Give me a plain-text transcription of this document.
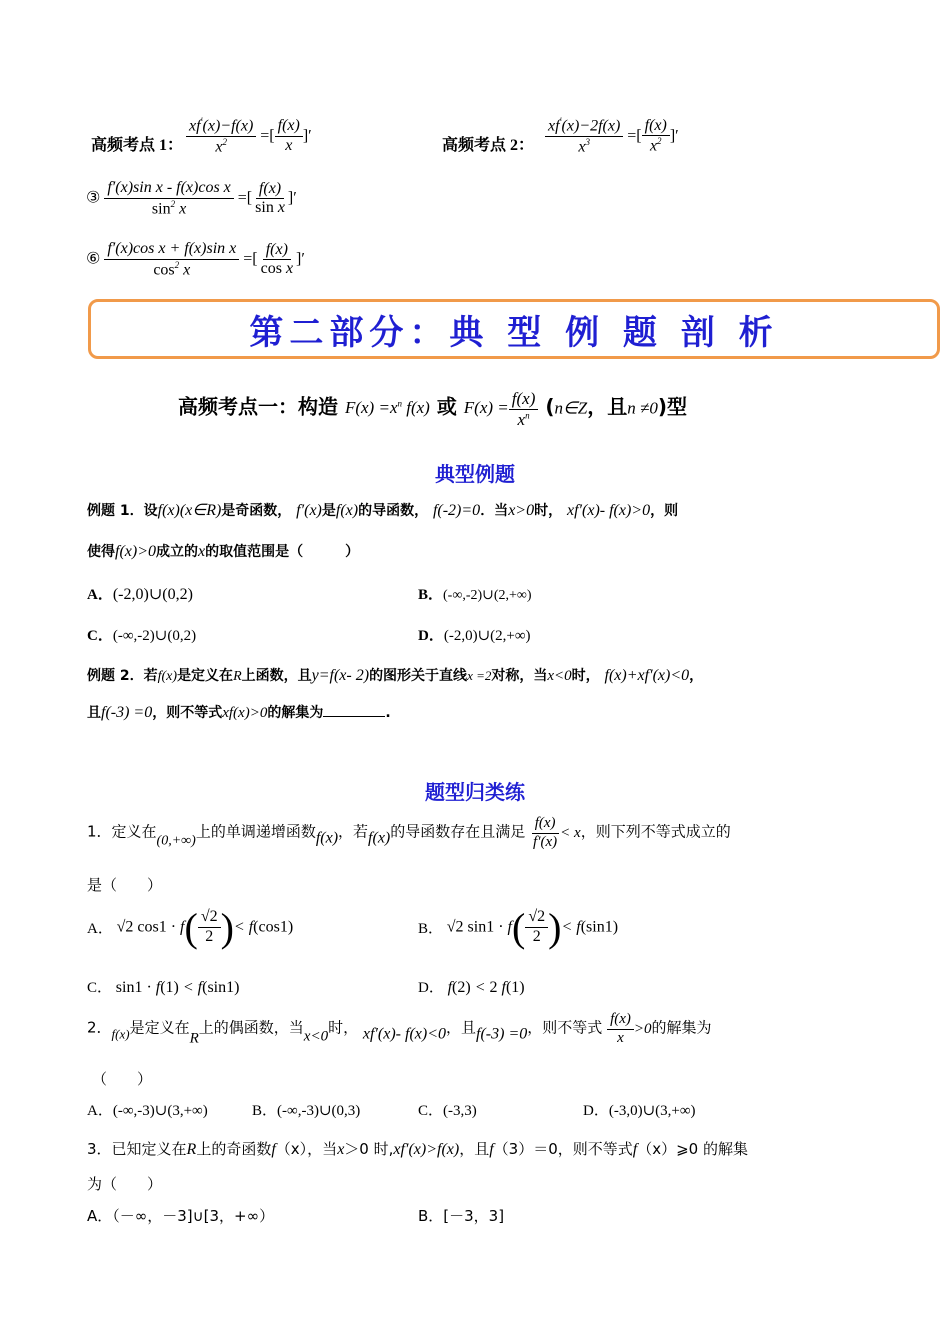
高频考点 1： $\frac{xf'(x)-f(x)}{x^2}$ =[ $\frac{f(x)}{x}$ ]′
高频考点 2： $\frac{xf'(x)-2f(x)}{x^3}$ =[ $\frac{f(x)}{x^2}$ ]′
③ $\frac{\text{f′(x)sin x - f(x)cos x}}{\sin^2 x}$ =[ $\frac{f(x)}{\text{sin x}}$ ]′
⑥ $\frac{\text{f′(x)cos x + f(x)sin x}}{\cos^2 x}$ =[ $\frac{f(x)}{\text{cos x}}$ ]′
第二部分：典 型 例 题 剖 析
高频考点一：构造 $F(x) =x^n$ f(x) 或 $F(x) = \frac{f(x)}{x^n}$ (n∈Z，且n ≠0)型
典型例题
例题 1．设f(x)(x∈R)是奇函数， f′(x)是f(x)的导函数， f(-2)=0．当x>0时， xf′(x)- f(x)>0，则
使得f(x)>0成立的x的取值范围是（　　　）
A．(-2,0)∪(0,2)	B．(-∞,-2)∪(2,+∞)
C．(-∞,-2)∪(0,2)	D．(-2,0)∪(2,+∞)
例题 2．若f(x)是定义在R上函数，且y=f(x- 2)的图形关于直线x =2对称，当x<0时， f(x)+xf′(x)<0，
且f(-3) =0，则不等式xf(x)>0的解集为	.
题型归类练
1．定义在(0,+∞)上的单调递增函数f(x)，若f(x)的导函数存在且满足 $\frac{f(x)}{f'(x)} < x$，则下列不等式成立的
是（　　）
A． √2 $\cos 1 \cdot f( \frac{√2}{2}$ )< f(cos1)	B． √2 $\sin 1 \cdot f( \frac{√2}{2}$ )< f(sin1)
C． sin1 · f(1) < f(sin1)	D． f(2) < 2 f(1)
2．f(x)是定义在R上的偶函数，当x<0时， xf′(x)- f(x)<0，且f(-3) =0，则不等式 $\frac{f(x)}{x} >0$的解集为
（　　）
A．(-∞,-3)∪(3,+∞)	B．(-∞,-3)∪(0,3)	C．(-3,3)	D．(-3,0)∪(3,+∞)
3．已知定义在R上的奇函数f（x），当x＞0 时,xf′(x)>f(x)，且f（3）＝0，则不等式f（x）⩾0 的解集
为（　　）
A．（－∞，－3]∪[3，+∞）	B．[－3，3]
